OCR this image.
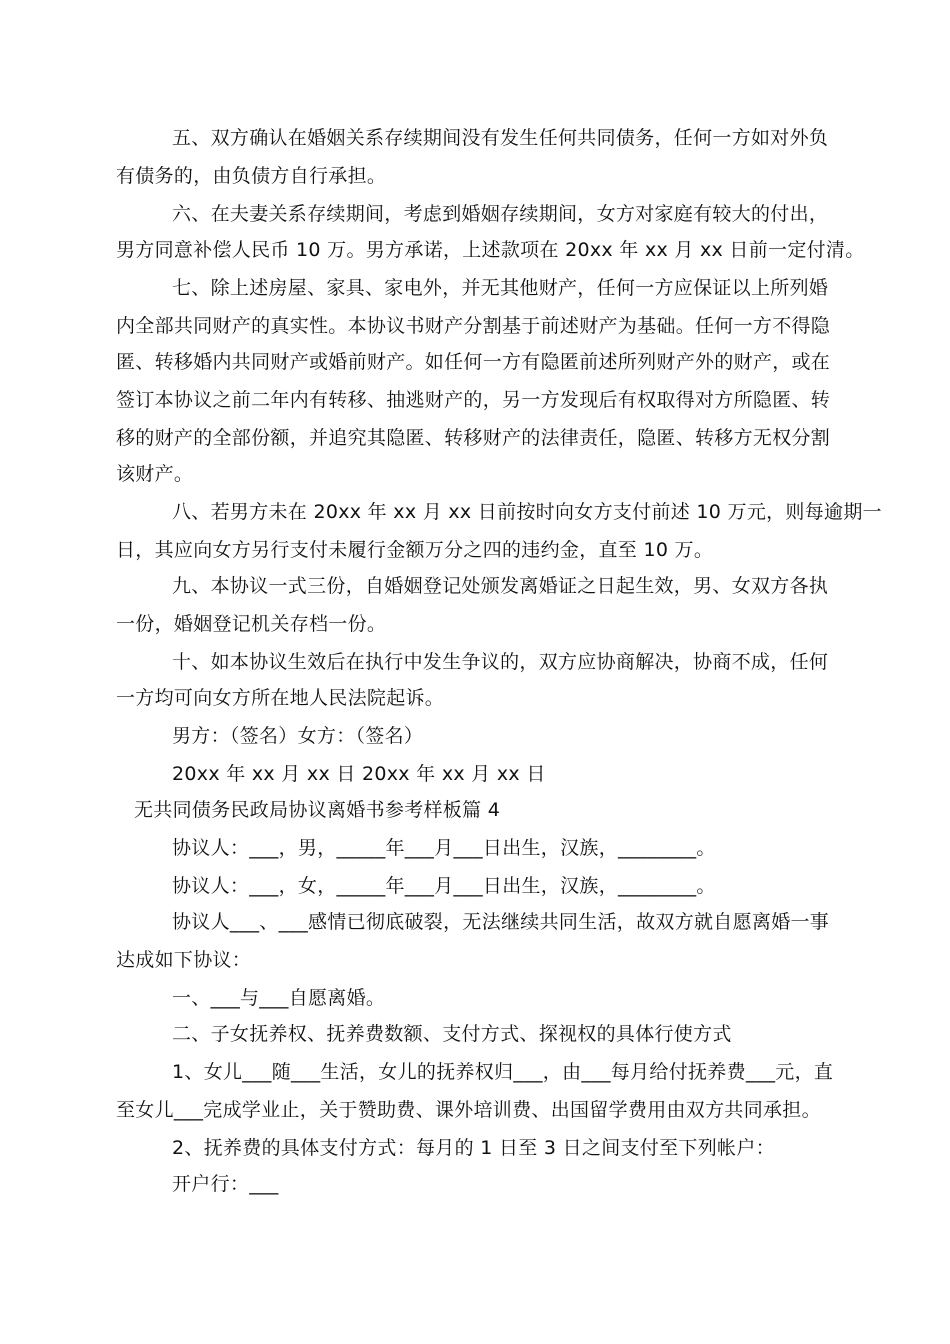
五、双方确认在婚姻关系存续期间没有发生任何共同债务，任何一方如对外负
有债务的，由负债方自行承担。
六、在夫妻关系存续期间，考虑到婚姻存续期间，女方对家庭有较大的付出，
男方同意补偿人民币 10 万。男方承诺，上述款项在 20xx 年 xx 月 xx 日前一定付清。
七、除上述房屋、家具、家电外，并无其他财产，任何一方应保证以上所列婚
内全部共同财产的真实性。本协议书财产分割基于前述财产为基础。任何一方不得隐
匿、转移婚内共同财产或婚前财产。如任何一方有隐匿前述所列财产外的财产，或在
签订本协议之前二年内有转移、抽逃财产的，另一方发现后有权取得对方所隐匿、转
移的财产的全部份额，并追究其隐匿、转移财产的法律责任，隐匿、转移方无权分割
该财产。
八、若男方未在 20xx 年 xx 月 xx 日前按时向女方支付前述 10 万元，则每逾期一
日，其应向女方另行支付未履行金额万分之四的违约金，直至 10 万。
九、本协议一式三份，自婚姻登记处颁发离婚证之日起生效，男、女双方各执
一份，婚姻登记机关存档一份。
十、如本协议生效后在执行中发生争议的，双方应协商解决，协商不成，任何
一方均可向女方所在地人民法院起诉。
男方：（签名）女方：（签名）
20xx 年 xx 月 xx 日 20xx 年 xx 月 xx 日
无共同债务民政局协议离婚书参考样板篇 4
协议人：___，男，_____年___月___日出生，汉族，________。
协议人：___，女，_____年___月___日出生，汉族，________。
协议人___、___感情已彻底破裂，无法继续共同生活，故双方就自愿离婚一事
达成如下协议：
一、___与___自愿离婚。
二、子女抚养权、抚养费数额、支付方式、探视权的具体行使方式
1、女儿___随___生活，女儿的抚养权归___，由___每月给付抚养费___元，直
至女儿___完成学业止，关于赞助费、课外培训费、出国留学费用由双方共同承担。
2、抚养费的具体支付方式：每月的 1 日至 3 日之间支付至下列帐户：
开户行：___
